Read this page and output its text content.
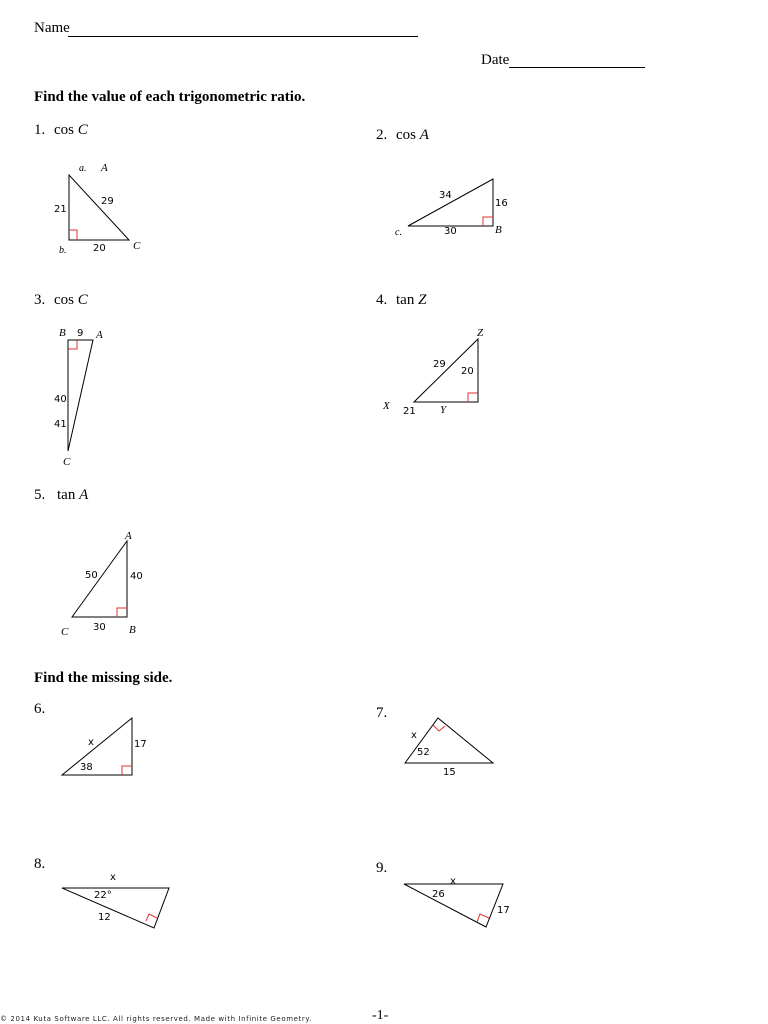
Name
Date
Find the value of each trigonometric ratio.
1. cos C	2. cos A
3. cos C	4. tan Z
5. tan A
Find the missing side.
6.	7.
8.	9.
a. A
21
29
b.	20 C
34
16
c.	30	B
B 9 A
40
41
C
Z
29
20
X 21 Y
A
50	40
C 30 B
x	17
38
x
52
15
x
22°
12
x
26
17
© 2014 Kuta Software LLC. All rights reserved. Made with Infinite Geometry.	-1-
